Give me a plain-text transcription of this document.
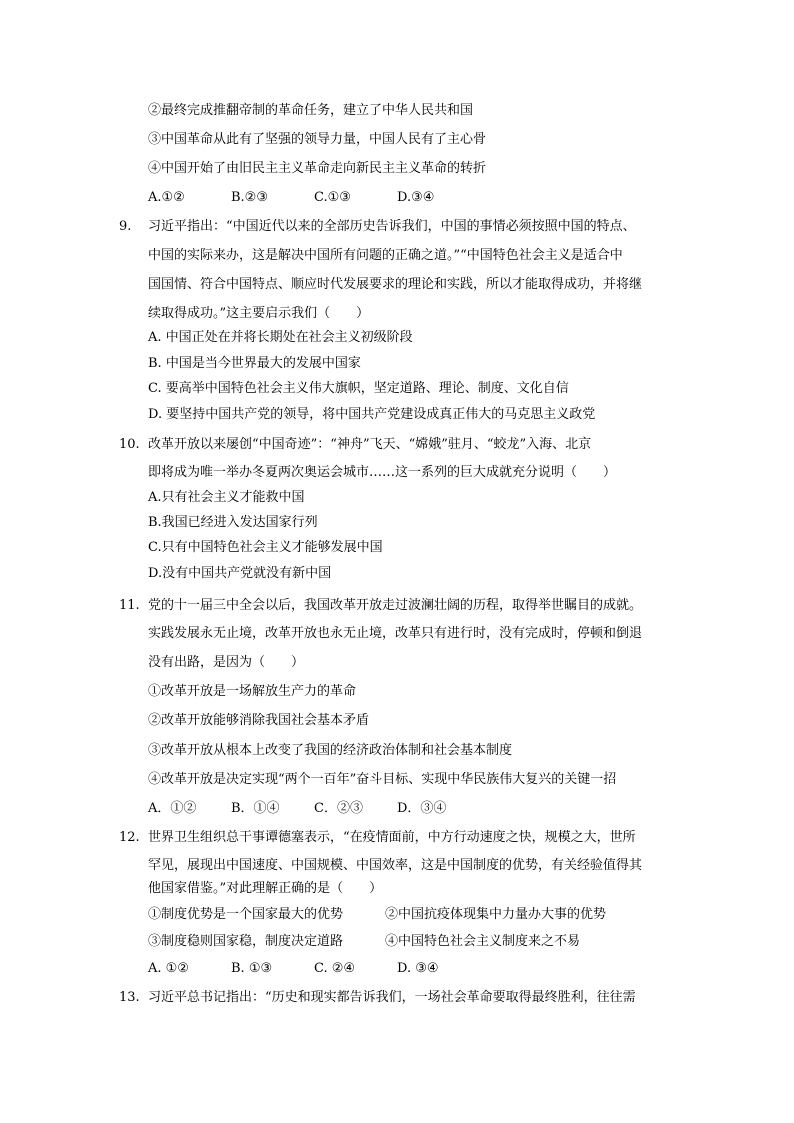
②最终完成推翻帝制的革命任务，建立了中华人民共和国
③中国革命从此有了坚强的领导力量，中国人民有了主心骨
④中国开始了由旧民主主义革命走向新民主主义革命的转折
A.①②	B.②③	C.①③	D.③④
9. 习近平指出：“中国近代以来的全部历史告诉我们，中国的事情必须按照中国的特点、
中国的实际来办，这是解决中国所有问题的正确之道。”“中国特色社会主义是适合中
国国情、符合中国特点、顺应时代发展要求的理论和实践，所以才能取得成功，并将继
续取得成功。”这主要启示我们（　　）
A. 中国正处在并将长期处在社会主义初级阶段
B. 中国是当今世界最大的发展中国家
C. 要高举中国特色社会主义伟大旗帜，坚定道路、理论、制度、文化自信
D. 要坚持中国共产党的领导，将中国共产党建设成真正伟大的马克思主义政党
10. 改革开放以来屡创“中国奇迹”：“神舟”飞天、“嫦娥”驻月、“蛟龙”入海、北京
即将成为唯一举办冬夏两次奥运会城市……这一系列的巨大成就充分说明（　　）
A.只有社会主义才能救中国
B.我国已经进入发达国家行列
C.只有中国特色社会主义才能够发展中国
D.没有中国共产党就没有新中国
11. 党的十一届三中全会以后，我国改革开放走过波澜壮阔的历程，取得举世瞩目的成就。
实践发展永无止境，改革开放也永无止境，改革只有进行时，没有完成时，停顿和倒退
没有出路，是因为（　　）
①改革开放是一场解放生产力的革命
②改革开放能够消除我国社会基本矛盾
③改革开放从根本上改变了我国的经济政治体制和社会基本制度
④改革开放是决定实现“两个一百年”奋斗目标、实现中华民族伟大复兴的关键一招
A．①②	B．①④	C．②③	D．③④
12. 世界卫生组织总干事谭德塞表示，“在疫情面前，中方行动速度之快，规模之大，世所
罕见，展现出中国速度、中国规模、中国效率，这是中国制度的优势，有关经验值得其
他国家借鉴。”对此理解正确的是（　　）
①制度优势是一个国家最大的优势	②中国抗疫体现集中力量办大事的优势
③制度稳则国家稳，制度决定道路	④中国特色社会主义制度来之不易
A. ①②	B. ①③	C. ②④	D. ③④
13. 习近平总书记指出：“历史和现实都告诉我们，一场社会革命要取得最终胜利，往往需
